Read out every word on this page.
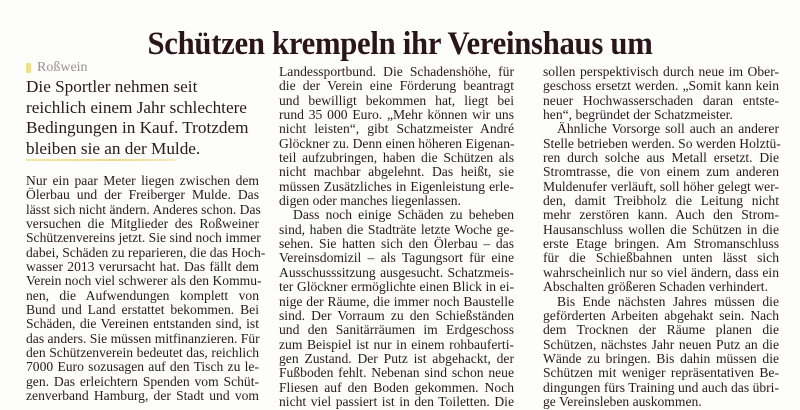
Schützen krempeln ihr Vereinshaus um
Roßwein
Die Sportler nehmen seit
reichlich einem Jahr schlechtere
Bedingungen in Kauf. Trotzdem
bleiben sie an der Mulde.
Nur ein paar Meter liegen zwischen dem
Ölerbau und der Freiberger Mulde. Das
lässt sich nicht ändern. Anderes schon. Das
versuchen die Mitglieder des Roßweiner
Schützenvereins jetzt. Sie sind noch immer
dabei, Schäden zu reparieren, die das Hoch-
wasser 2013 verursacht hat. Das fällt dem
Verein noch viel schwerer als den Kommu-
nen, die Aufwendungen komplett von
Bund und Land erstattet bekommen. Bei
Schäden, die Vereinen entstanden sind, ist
das anders. Sie müssen mitfinanzieren. Für
den Schützenverein bedeutet das, reichlich
7000 Euro sozusagen auf den Tisch zu le-
gen. Das erleichtern Spenden vom Schüt-
zenverband Hamburg, der Stadt und vom
Landessportbund. Die Schadenshöhe, für
die der Verein eine Förderung beantragt
und bewilligt bekommen hat, liegt bei
rund 35 000 Euro. „Mehr können wir uns
nicht leisten“, gibt Schatzmeister André
Glöckner zu. Denn einen höheren Eigenan-
teil aufzubringen, haben die Schützen als
nicht machbar abgelehnt. Das heißt, sie
müssen Zusätzliches in Eigenleistung erle-
digen oder manches liegenlassen.
Dass noch einige Schäden zu beheben
sind, haben die Stadträte letzte Woche ge-
sehen. Sie hatten sich den Ölerbau – das
Vereinsdomizil – als Tagungsort für eine
Ausschusssitzung ausgesucht. Schatzmeis-
ter Glöckner ermöglichte einen Blick in ei-
nige der Räume, die immer noch Baustelle
sind. Der Vorraum zu den Schießständen
und den Sanitärräumen im Erdgeschoss
zum Beispiel ist nur in einem rohbauferti-
gen Zustand. Der Putz ist abgehackt, der
Fußboden fehlt. Nebenan sind schon neue
Fliesen auf den Boden gekommen. Noch
nicht viel passiert ist in den Toiletten. Die
sollen perspektivisch durch neue im Ober-
geschoss ersetzt werden. „Somit kann kein
neuer Hochwasserschaden daran entste-
hen“, begründet der Schatzmeister.
Ähnliche Vorsorge soll auch an anderer
Stelle betrieben werden. So werden Holztü-
ren durch solche aus Metall ersetzt. Die
Stromtrasse, die von einem zum anderen
Muldenufer verläuft, soll höher gelegt wer-
den, damit Treibholz die Leitung nicht
mehr zerstören kann. Auch den Strom-
Hausanschluss wollen die Schützen in die
erste Etage bringen. Am Stromanschluss
für die Schießbahnen unten lässt sich
wahrscheinlich nur so viel ändern, dass ein
Abschalten größeren Schaden verhindert.
Bis Ende nächsten Jahres müssen die
geförderten Arbeiten abgehakt sein. Nach
dem Trocknen der Räume planen die
Schützen, nächstes Jahr neuen Putz an die
Wände zu bringen. Bis dahin müssen die
Schützen mit weniger repräsentativen Be-
dingungen fürs Training und auch das übri-
ge Vereinsleben auskommen.
